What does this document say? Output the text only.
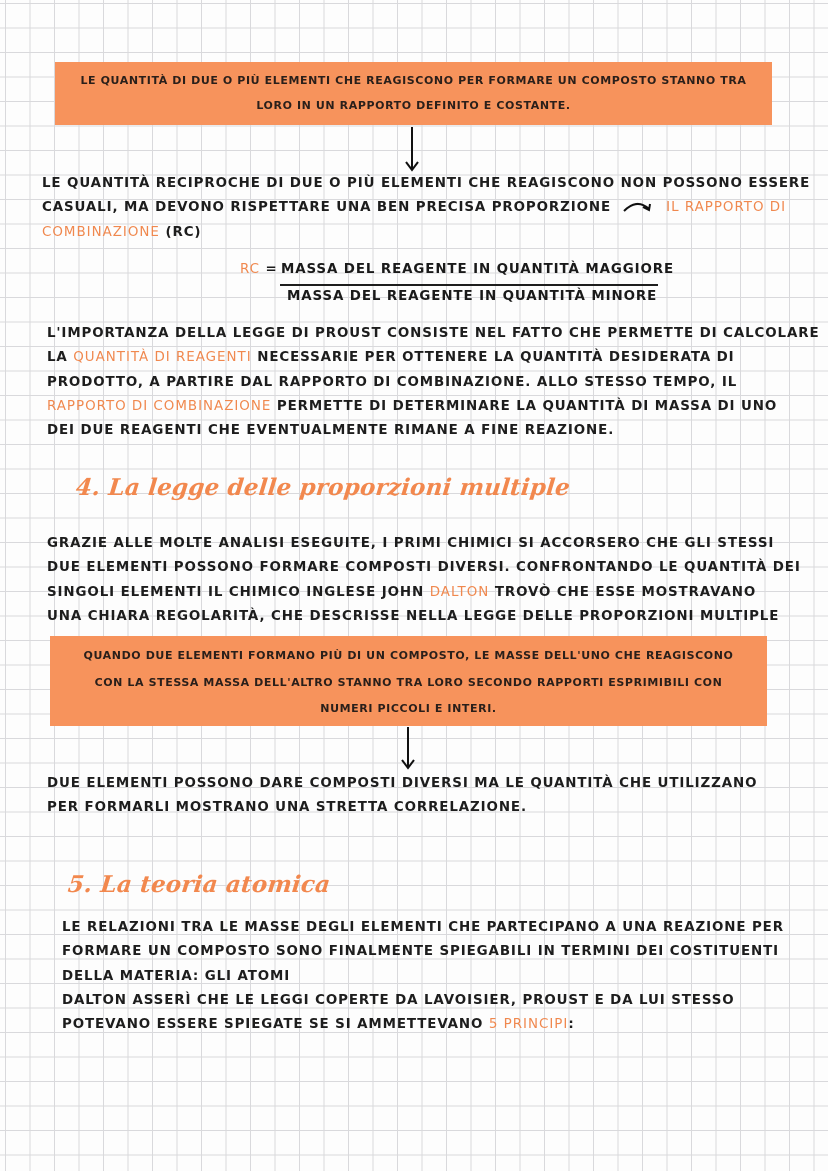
LE QUANTITÀ DI DUE O PIÙ ELEMENTI CHE REAGISCONO PER FORMARE UN COMPOSTO STANNO TRA
LORO IN UN RAPPORTO DEFINITO E COSTANTE.
LE QUANTITÀ RECIPROCHE DI DUE O PIÙ ELEMENTI CHE REAGISCONO NON POSSONO ESSERE
CASUALI, MA DEVONO RISPETTARE UNA BEN PRECISA PROPORZIONE	IL RAPPORTO DI
COMBINAZIONE (RC)
RC = MASSA DEL REAGENTE IN QUANTITÀ MAGGIORE
MASSA DEL REAGENTE IN QUANTITÀ MINORE
L'IMPORTANZA DELLA LEGGE DI PROUST CONSISTE NEL FATTO CHE PERMETTE DI CALCOLARE
LA QUANTITÀ DI REAGENTI NECESSARIE PER OTTENERE LA QUANTITÀ DESIDERATA DI
PRODOTTO, A PARTIRE DAL RAPPORTO DI COMBINAZIONE. ALLO STESSO TEMPO, IL
RAPPORTO DI COMBINAZIONE PERMETTE DI DETERMINARE LA QUANTITÀ DI MASSA DI UNO
DEI DUE REAGENTI CHE EVENTUALMENTE RIMANE A FINE REAZIONE.
4. La legge delle proporzioni multiple
GRAZIE ALLE MOLTE ANALISI ESEGUITE, I PRIMI CHIMICI SI ACCORSERO CHE GLI STESSI
DUE ELEMENTI POSSONO FORMARE COMPOSTI DIVERSI. CONFRONTANDO LE QUANTITÀ DEI
SINGOLI ELEMENTI IL CHIMICO INGLESE JOHN DALTON TROVÒ CHE ESSE MOSTRAVANO
UNA CHIARA REGOLARITÀ, CHE DESCRISSE NELLA LEGGE DELLE PROPORZIONI MULTIPLE
QUANDO DUE ELEMENTI FORMANO PIÙ DI UN COMPOSTO, LE MASSE DELL'UNO CHE REAGISCONO
CON LA STESSA MASSA DELL'ALTRO STANNO TRA LORO SECONDO RAPPORTI ESPRIMIBILI CON
NUMERI PICCOLI E INTERI.
DUE ELEMENTI POSSONO DARE COMPOSTI DIVERSI MA LE QUANTITÀ CHE UTILIZZANO
PER FORMARLI MOSTRANO UNA STRETTA CORRELAZIONE.
5. La teoria atomica
LE RELAZIONI TRA LE MASSE DEGLI ELEMENTI CHE PARTECIPANO A UNA REAZIONE PER
FORMARE UN COMPOSTO SONO FINALMENTE SPIEGABILI IN TERMINI DEI COSTITUENTI
DELLA MATERIA: GLI ATOMI
DALTON ASSERÌ CHE LE LEGGI COPERTE DA LAVOISIER, PROUST E DA LUI STESSO
POTEVANO ESSERE SPIEGATE SE SI AMMETTEVANO 5 PRINCIPI:
